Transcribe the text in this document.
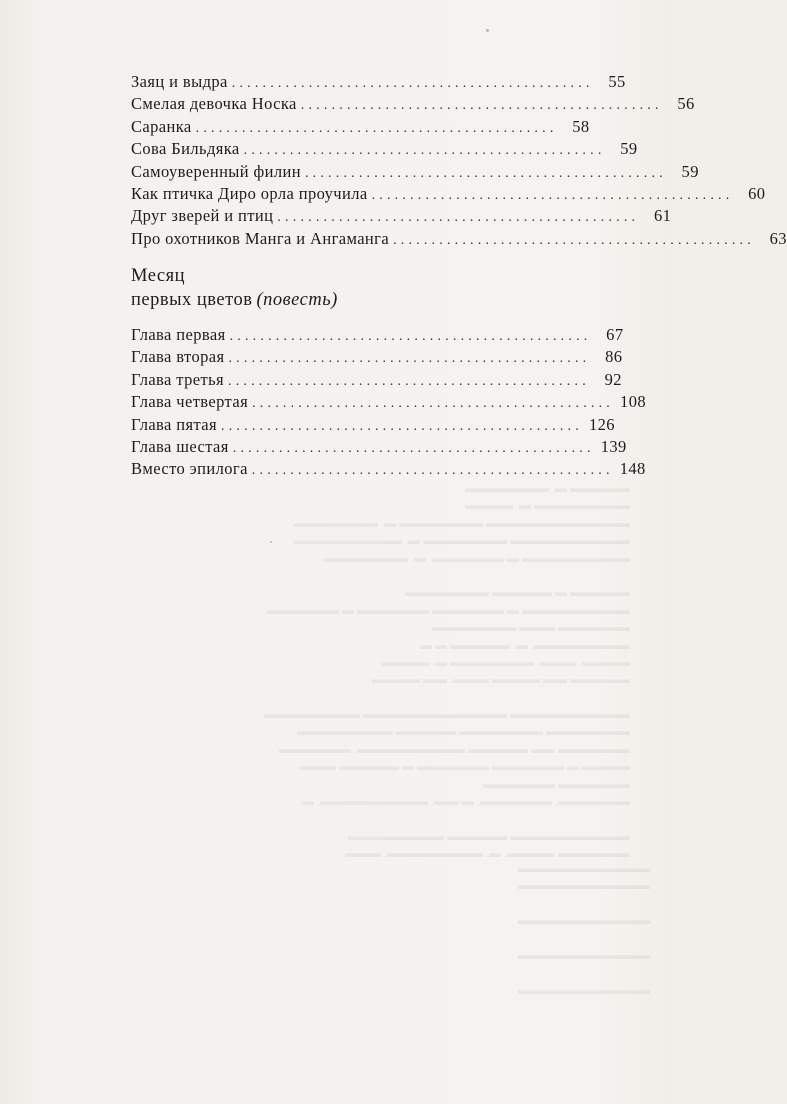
▬▬▬▬▬ ▬. ▬▬▬▬▬▬▬
▬▬▬▬▬▬▬▬ ▬. ▬▬▬▬
▬▬▬▬▬▬▬▬▬▬▬▬ ▬▬▬▬▬▬▬ ▬. ▬▬▬▬▬▬▬
▬▬▬▬▬▬▬▬▬▬ ▬▬▬▬▬▬▬ ▬. ▬▬▬▬▬▬▬▬▬
▬▬▬▬▬▬▬▬▬ ▬ ▬▬▬▬▬▬. ▬. ▬▬▬▬▬▬▬

▬▬▬▬▬ ▬ ▬▬▬▬▬ ▬▬▬▬▬▬▬.
▬▬▬▬▬▬▬▬▬ ▬ ▬▬▬▬▬▬ ▬▬▬▬▬▬ ▬ ▬▬▬▬▬▬.
▬▬▬▬▬▬ ▬▬▬ ▬▬▬▬▬▬▬.
▬▬▬▬▬▬▬▬. ▬. ▬▬▬▬▬ ▬ ▬
▬▬▬▬. ▬▬▬. ▬▬▬▬▬▬▬ ▬. ▬▬▬▬
▬▬▬▬▬ ▬▬ ▬▬▬▬ ▬▬▬. ▬▬ ▬▬▬▬

▬▬▬▬▬▬▬▬▬▬ ▬▬▬▬▬▬▬▬▬▬▬▬ ▬▬▬▬▬▬▬▬
▬▬▬▬▬▬▬ ▬▬▬▬▬▬▬ ▬▬▬▬▬ ▬▬▬▬▬▬▬▬
▬▬▬▬▬▬ ▬▬ ▬▬▬▬▬ ▬▬▬▬▬▬▬▬▬, ▬▬▬▬▬▬
▬▬▬▬ ▬ ▬▬▬▬▬▬ ▬▬▬▬▬▬ ▬ ▬▬▬▬▬ ▬▬▬
▬▬▬▬▬▬ ▬▬▬▬▬▬
▬▬▬▬▬▬, ▬▬▬▬▬▬, ▬-▬▬, ▬▬▬▬▬▬▬▬▬, ▬

▬▬▬▬▬▬▬▬▬▬ ▬▬▬▬▬ ▬▬▬▬▬▬▬▬
▬▬▬▬▬▬ ▬▬▬▬. ▬. ▬▬▬▬▬▬▬▬, ▬▬▬.
▬▬▬▬▬▬▬▬▬▬▬
▬▬▬▬▬▬▬▬▬▬▬

▬▬▬▬▬▬▬▬▬▬▬

▬▬▬▬▬▬▬▬▬▬▬

▬▬▬▬▬▬▬▬▬▬▬
Заяц и выдра ............................................... 55
Смелая девочка Носка ............................................... 56
Саранка ............................................... 58
Сова Бильдяка ............................................... 59
Самоуверенный филин ............................................... 59
Как птичка Диро орла проучила ............................................... 60
Друг зверей и птиц ............................................... 61
Про охотников Манга и Ангаманга ............................................... 63
Месяц
первых цветов (повесть)
Глава первая ............................................... 67
Глава вторая ............................................... 86
Глава третья ............................................... 92
Глава четвертая ............................................... 108
Глава пятая ............................................... 126
Глава шестая ............................................... 139
Вместо эпилога ............................................... 148
